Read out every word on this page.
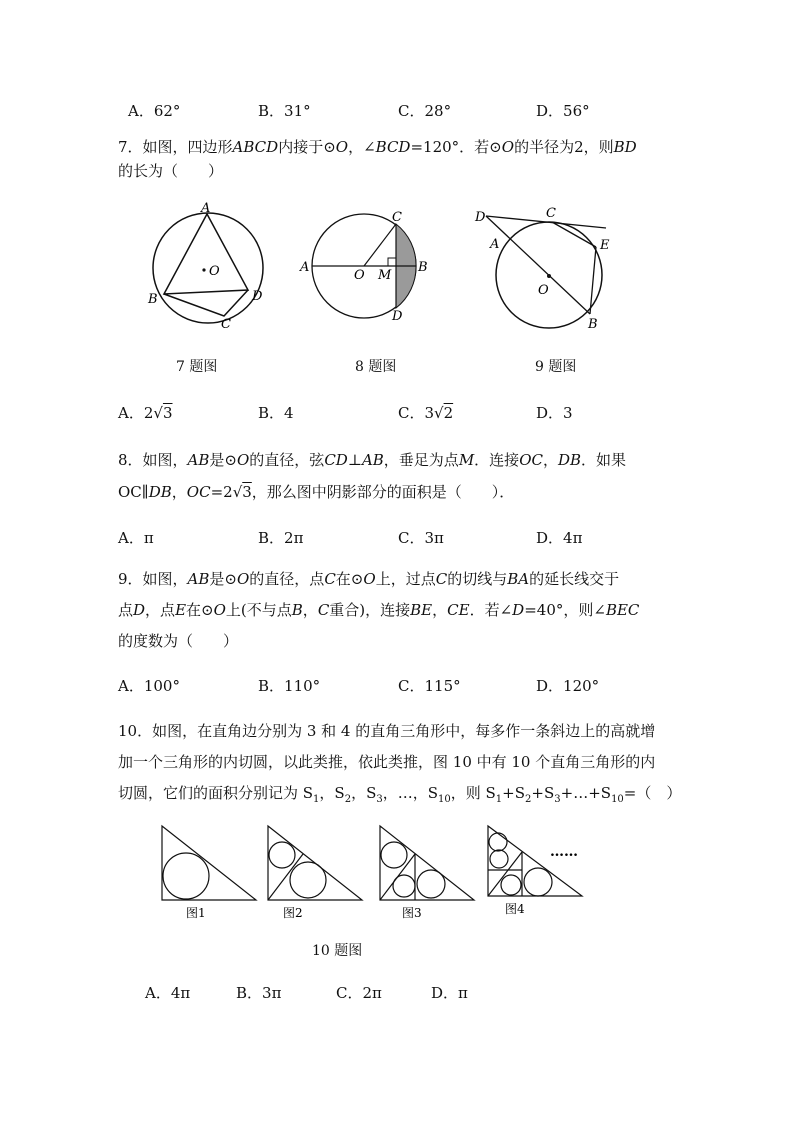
A．62°	B．31°	C．28°	D．56°
7．如图，四边形ABCD内接于⊙O，∠BCD=120°．若⊙O的半径为2，则BD
的长为（　　）
A
B
C
D
O	A
O M
B
C
D
D	C
A	E
O
B
7 题图	8 题图	9 题图
A．2√3	B．4	C．3√2	D．3
8．如图，AB是⊙O的直径，弦CD⊥AB，垂足为点M．连接OC，DB．如果
OC∥DB，OC=2√3，那么图中阴影部分的面积是（　　）．
A．π	B．2π	C．3π	D．4π
9．如图，AB是⊙O的直径，点C在⊙O上，过点C的切线与BA的延长线交于
点D，点E在⊙O上(不与点B，C重合)，连接BE，CE．若∠D=40°，则∠BEC
的度数为（　　）
A．100°	B．110°	C．115°	D．120°
10．如图，在直角边分别为 3 和 4 的直角三角形中，每多作一条斜边上的高就增
加一个三角形的内切圆，以此类推，依此类推，图 10 中有 10 个直角三角形的内
切圆，它们的面积分别记为 $S_1$，$S_2$，$S_3$，…，$S_{10}$，则 $S_1+S_2+S_3+\dots+S_{10}=$（　）
图1	图2	图3	图4
……
10 题图
A．4π	B．3π	C．2π	D．π
